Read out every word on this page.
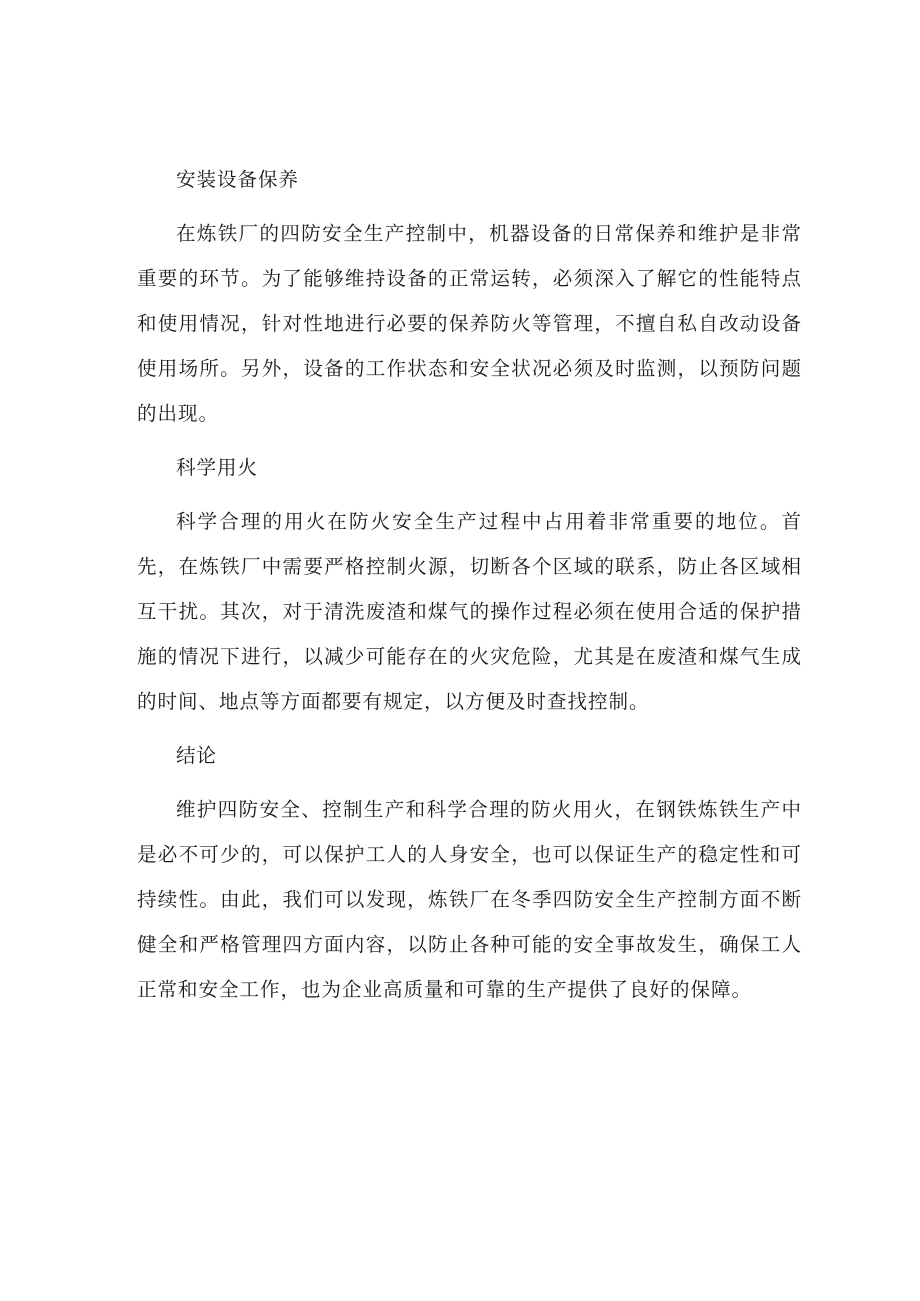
安装设备保养

在炼铁厂的四防安全生产控制中，机器设备的日常保养和维护是非常重要的环节。为了能够维持设备的正常运转，必须深入了解它的性能特点和使用情况，针对性地进行必要的保养防火等管理，不擅自私自改动设备使用场所。另外，设备的工作状态和安全状况必须及时监测，以预防问题的出现。

科学用火

科学合理的用火在防火安全生产过程中占用着非常重要的地位。首先，在炼铁厂中需要严格控制火源，切断各个区域的联系，防止各区域相互干扰。其次，对于清洗废渣和煤气的操作过程必须在使用合适的保护措施的情况下进行，以减少可能存在的火灾危险，尤其是在废渣和煤气生成的时间、地点等方面都要有规定，以方便及时查找控制。

结论

维护四防安全、控制生产和科学合理的防火用火，在钢铁炼铁生产中是必不可少的，可以保护工人的人身安全，也可以保证生产的稳定性和可持续性。由此，我们可以发现，炼铁厂在冬季四防安全生产控制方面不断健全和严格管理四方面内容，以防止各种可能的安全事故发生，确保工人正常和安全工作，也为企业高质量和可靠的生产提供了良好的保障。
